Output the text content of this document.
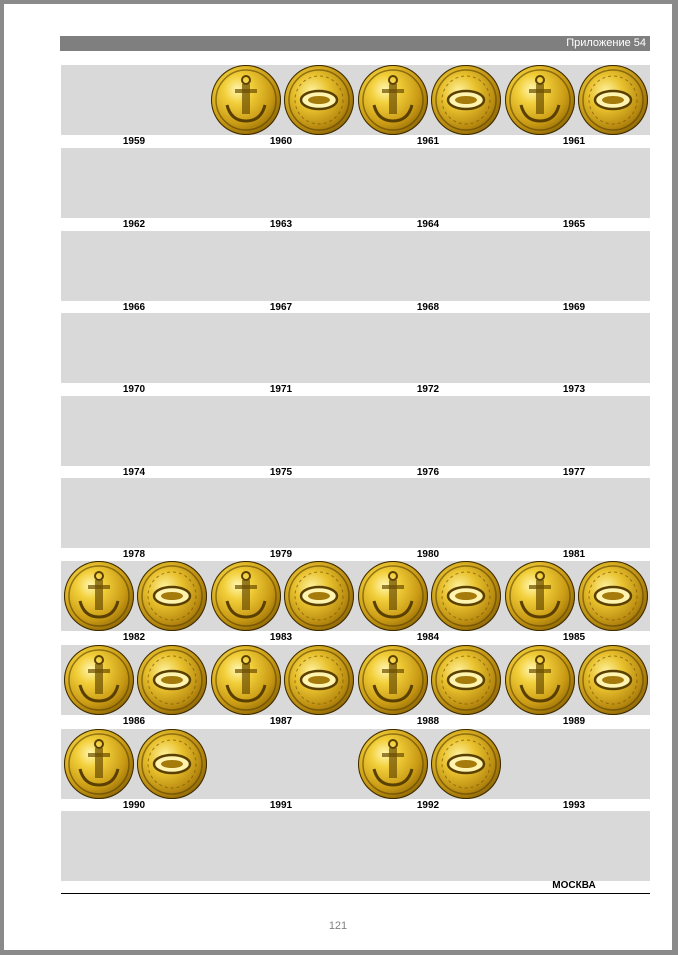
Приложение 54
1959	1960	1961	1961
1962	1963	1964	1965
1966	1967	1968	1969
1970	1971	1972	1973
1974	1975	1976	1977
1978	1979	1980	1981
1982	1983	1984	1985
1986	1987	1988	1989
1990	1991	1992	1993
МОСКВА
121
